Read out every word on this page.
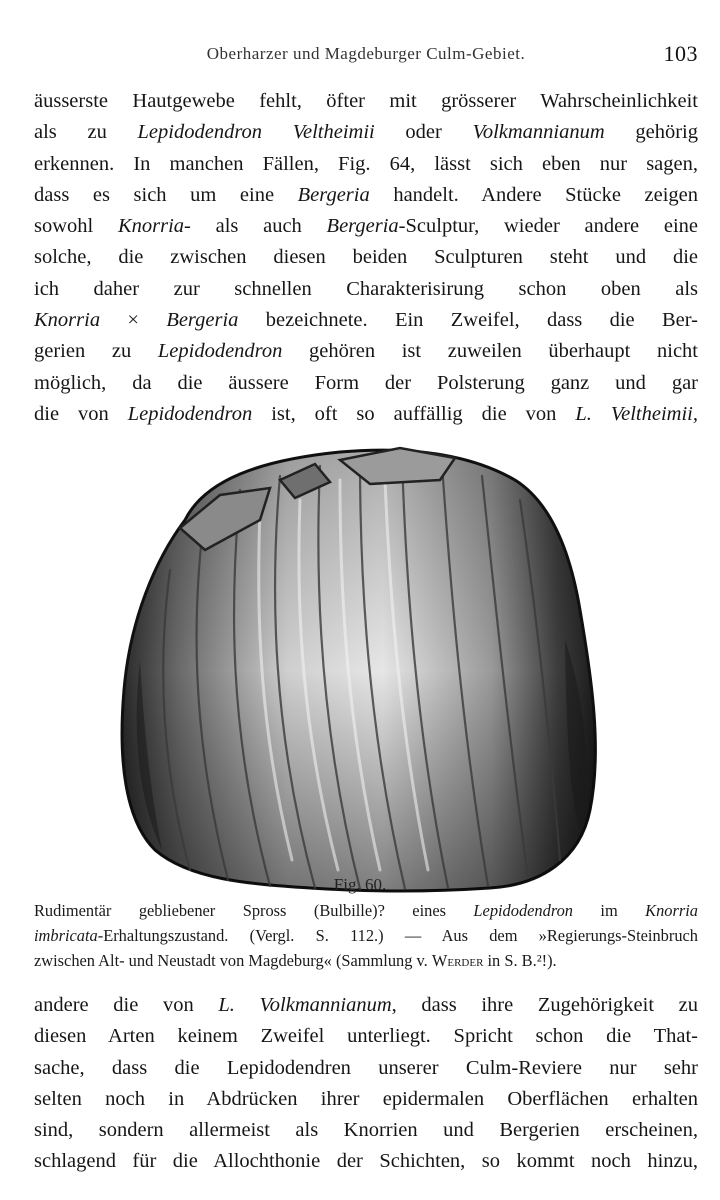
Oberharzer und Magdeburger Culm-Gebiet.	103
äusserste Hautgewebe fehlt, öfter mit grösserer Wahrscheinlichkeit
als zu Lepidodendron Veltheimii oder Volkmannianum gehörig
erkennen. In manchen Fällen, Fig. 64, lässt sich eben nur sagen,
dass es sich um eine Bergeria handelt. Andere Stücke zeigen
sowohl Knorria- als auch Bergeria-Sculptur, wieder andere eine
solche, die zwischen diesen beiden Sculpturen steht und die
ich daher zur schnellen Charakterisirung schon oben als
Knorria × Bergeria bezeichnete. Ein Zweifel, dass die Ber-
gerien zu Lepidodendron gehören ist zuweilen überhaupt nicht
möglich, da die äussere Form der Polsterung ganz und gar
die von Lepidodendron ist, oft so auffällig die von L. Veltheimii,
Fig. 60.
Rudimentär gebliebener Spross (Bulbille)? eines Lepidodendron im Knorria
imbricata-Erhaltungszustand. (Vergl. S. 112.) — Aus dem »Regierungs-Steinbruch
zwischen Alt- und Neustadt von Magdeburg« (Sammlung v. Werder in S. B.²!).
andere die von L. Volkmannianum, dass ihre Zugehörigkeit zu
diesen Arten keinem Zweifel unterliegt. Spricht schon die That-
sache, dass die Lepidodendren unserer Culm-Reviere nur sehr
selten noch in Abdrücken ihrer epidermalen Oberflächen erhalten
sind, sondern allermeist als Knorrien und Bergerien erscheinen,
schlagend für die Allochthonie der Schichten, so kommt noch hinzu,
